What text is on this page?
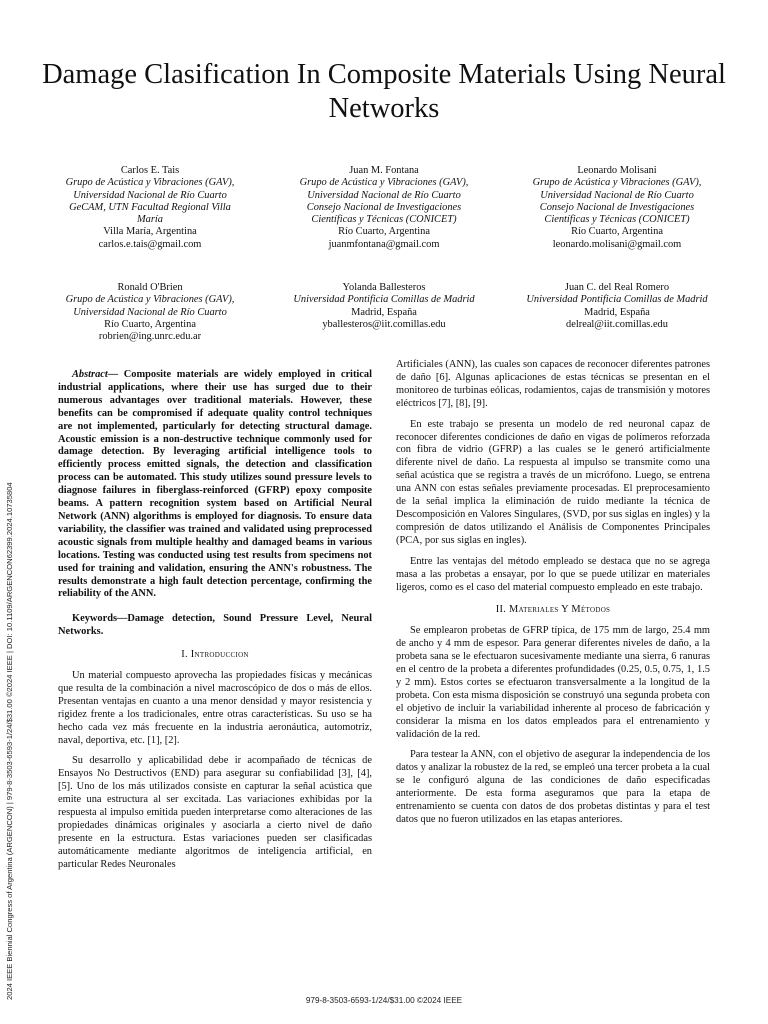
2024 IEEE Biennial Congress of Argentina (ARGENCON) | 979-8-3503-6593-1/24/$31.00 ©2024 IEEE | DOI: 10.1109/ARGENCON62399.2024.10735804
Damage Clasification In Composite Materials Using Neural Networks
Carlos E. Tais
Grupo de Acústica y Vibraciones (GAV), Universidad Nacional de Río Cuarto
GeCAM, UTN Facultad Regional Villa María
Villa María, Argentina
carlos.e.tais@gmail.com
Juan M. Fontana
Grupo de Acústica y Vibraciones (GAV), Universidad Nacional de Río Cuarto
Consejo Nacional de Investigaciones Científicas y Técnicas (CONICET)
Río Cuarto, Argentina
juanmfontana@gmail.com
Leonardo Molisani
Grupo de Acústica y Vibraciones (GAV), Universidad Nacional de Río Cuarto
Consejo Nacional de Investigaciones Científicas y Técnicas (CONICET)
Río Cuarto, Argentina
leonardo.molisani@gmail.com
Ronald O'Brien
Grupo de Acústica y Vibraciones (GAV), Universidad Nacional de Río Cuarto
Río Cuarto, Argentina
robrien@ing.unrc.edu.ar
Yolanda Ballesteros
Universidad Pontificia Comillas de Madrid
Madrid, España
yballesteros@iit.comillas.edu
Juan C. del Real Romero
Universidad Pontificia Comillas de Madrid
Madrid, España
delreal@iit.comillas.edu

Abstract— Composite materials are widely employed in critical industrial applications, where their use has surged due to their numerous advantages over traditional materials. However, these benefits can be compromised if adequate quality control techniques are not implemented, particularly for detecting structural damage. Acoustic emission is a non-destructive technique commonly used for damage detection. By leveraging artificial intelligence tools to efficiently process emitted signals, the detection and classification process can be automated. This study utilizes sound pressure levels to diagnose failures in fiberglass-reinforced (GFRP) epoxy composite beams. A pattern recognition system based on Artificial Neural Network (ANN) algorithms is employed for diagnosis. To ensure data variability, the classifier was trained and validated using preprocessed acoustic signals from multiple healthy and damaged beams in various locations. Testing was conducted using test results from specimens not used for training and validation, ensuring the ANN's robustness. The results demonstrate a high fault detection percentage, confirming the reliability of the ANN.

Keywords—Damage detection, Sound Pressure Level, Neural Networks.

I. Introduccion

Un material compuesto aprovecha las propiedades físicas y mecánicas que resulta de la combinación a nivel macroscópico de dos o más de ellos. Presentan ventajas en cuanto a una menor densidad y mayor resistencia y rigidez frente a los tradicionales, entre otras características. Su uso se ha hecho cada vez más frecuente en la industria aeronáutica, automotriz, naval, deportiva, etc. [1], [2].

Su desarrollo y aplicabilidad debe ir acompañado de técnicas de Ensayos No Destructivos (END) para asegurar su confiabilidad [3], [4], [5]. Uno de los más utilizados consiste en capturar la señal acústica que emite una estructura al ser excitada. Las variaciones exhibidas por la respuesta al impulso emitida pueden interpretarse como alteraciones de las propiedades dinámicas originales y asociarla a cierto nivel de daño presente en la estructura. Estas variaciones pueden ser clasificadas automáticamente mediante algoritmos de inteligencia artificial, en particular Redes Neuronales

Artificiales (ANN), las cuales son capaces de reconocer diferentes patrones de daño [6]. Algunas aplicaciones de estas técnicas se presentan en el monitoreo de turbinas eólicas, rodamientos, cajas de transmisión y motores eléctricos [7], [8], [9].

En este trabajo se presenta un modelo de red neuronal capaz de reconocer diferentes condiciones de daño en vigas de polímeros reforzada con fibra de vidrio (GFRP) a las cuales se le generó artificialmente diferente nivel de daño. La respuesta al impulso se transmite como una señal acústica que se registra a través de un micrófono. Luego, se entrena una ANN con estas señales previamente procesadas. El preprocesamiento de la señal implica la eliminación de ruido mediante la técnica de Descomposición en Valores Singulares, (SVD, por sus siglas en ingles) y la compresión de datos utilizando el Análisis de Componentes Principales (PCA, por sus siglas en ingles).

Entre las ventajas del método empleado se destaca que no se agrega masa a las probetas a ensayar, por lo que se puede utilizar en materiales ligeros, como es el caso del material compuesto empleado en este trabajo.

II. Materiales Y Métodos

Se emplearon probetas de GFRP típica, de 175 mm de largo, 25.4 mm de ancho y 4 mm de espesor. Para generar diferentes niveles de daño, a la probeta sana se le efectuaron sucesivamente mediante una sierra, 6 ranuras en el centro de la probeta a diferentes profundidades (0.25, 0.5, 0.75, 1, 1.5 y 2 mm). Estos cortes se efectuaron transversalmente a la longitud de la probeta. Con esta misma disposición se construyó una segunda probeta con el objetivo de incluir la variabilidad inherente al proceso de fabricación y considerar la misma en los datos empleados para el entrenamiento y validación de la red.

Para testear la ANN, con el objetivo de asegurar la independencia de los datos y analizar la robustez de la red, se empleó una tercer probeta a la cual se le configuró alguna de las condiciones de daño especificadas anteriormente. De esta forma aseguramos que para la etapa de entrenamiento se cuenta con datos de dos probetas distintas y para el test datos que no fueron utilizados en las etapas anteriores.

979-8-3503-6593-1/24/$31.00 ©2024 IEEE
